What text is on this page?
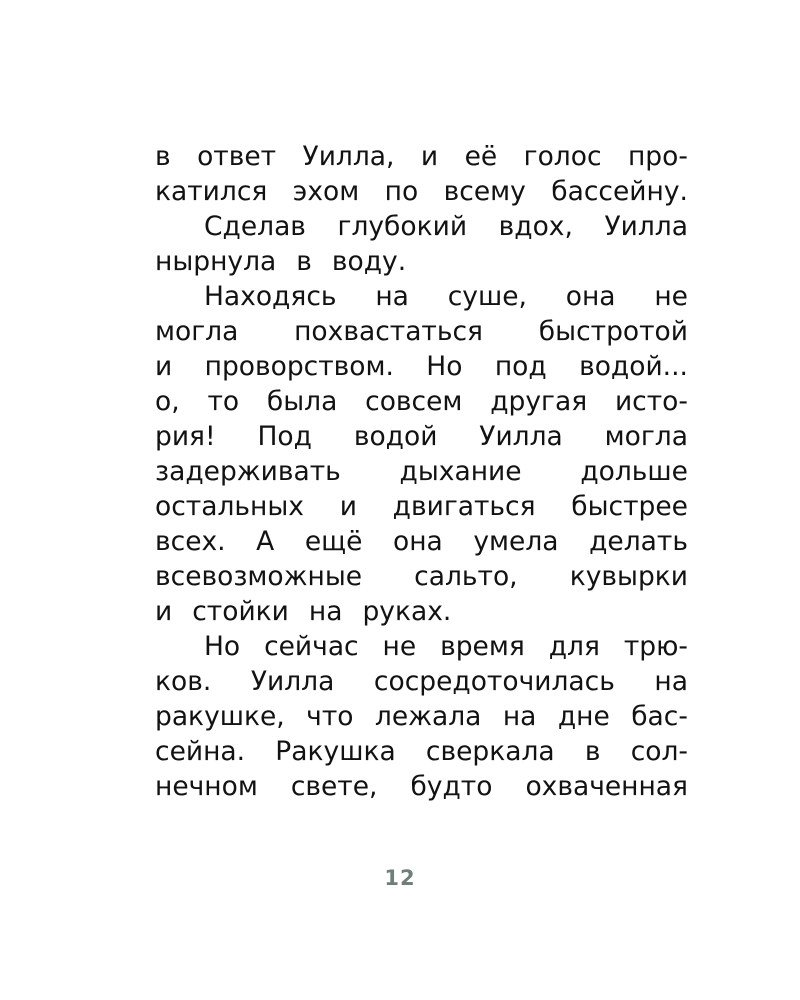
в ответ Уилла, и её голос про-
катился эхом по всему бассейну.
Сделав глубокий вдох, Уилла
нырнула в воду.
Находясь на суше, она не
могла похвастаться быстротой
и проворством. Но под водой...
о, то была совсем другая исто-
рия! Под водой Уилла могла
задерживать дыхание дольше
остальных и двигаться быстрее
всех. А ещё она умела делать
всевозможные сальто, кувырки
и стойки на руках.
Но сейчас не время для трю-
ков. Уилла сосредоточилась на
ракушке, что лежала на дне бас-
сейна. Ракушка сверкала в сол-
нечном свете, будто охваченная
12
